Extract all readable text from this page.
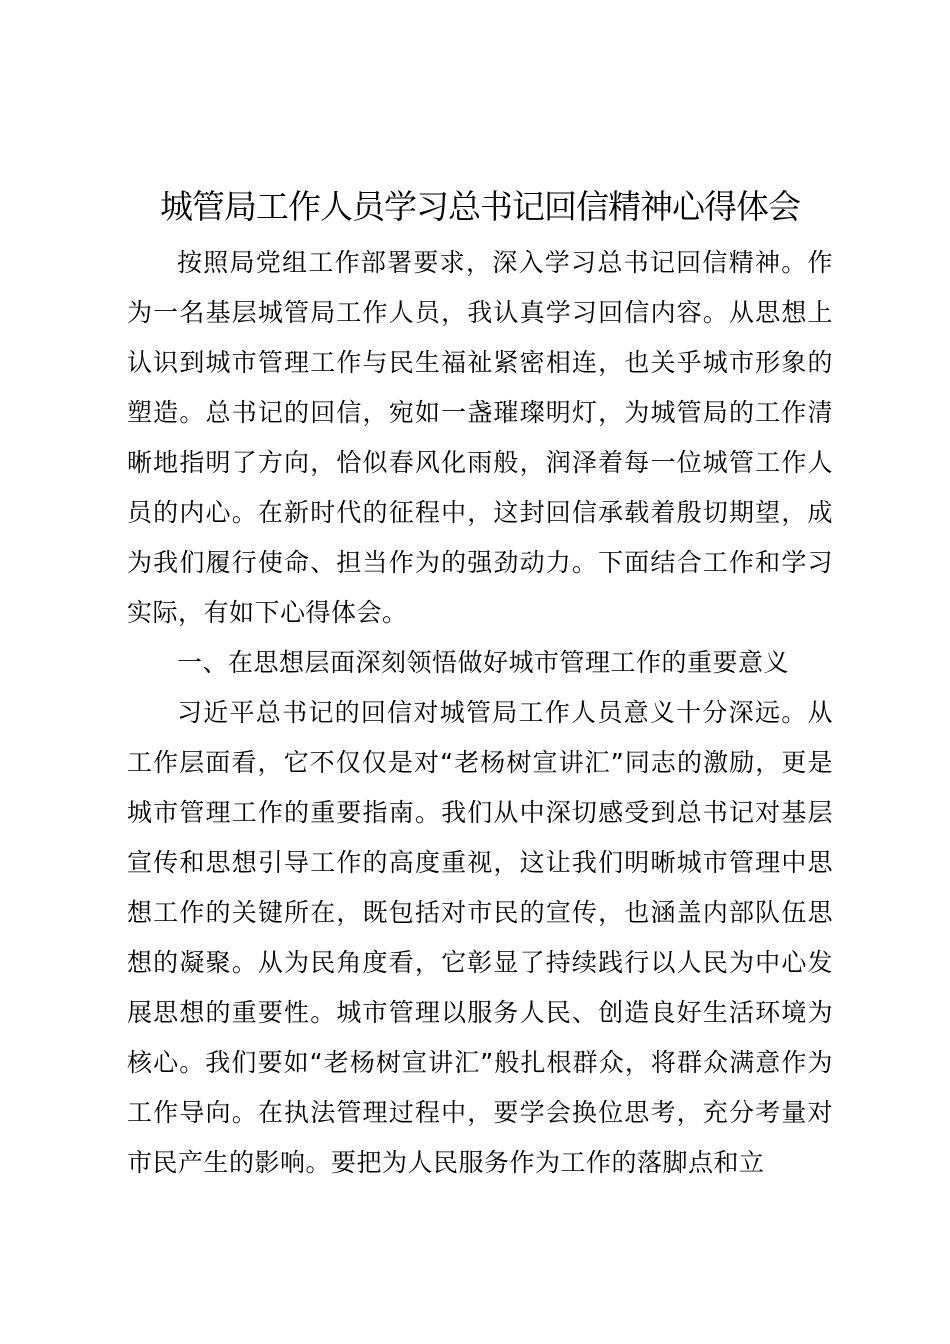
城管局工作人员学习总书记回信精神心得体会

按照局党组工作部署要求，深入学习总书记回信精神。作为一名基层城管局工作人员，我认真学习回信内容。从思想上认识到城市管理工作与民生福祉紧密相连，也关乎城市形象的塑造。总书记的回信，宛如一盏璀璨明灯，为城管局的工作清晰地指明了方向，恰似春风化雨般，润泽着每一位城管工作人员的内心。在新时代的征程中，这封回信承载着殷切期望，成为我们履行使命、担当作为的强劲动力。下面结合工作和学习实际，有如下心得体会。

一、在思想层面深刻领悟做好城市管理工作的重要意义

习近平总书记的回信对城管局工作人员意义十分深远。从工作层面看，它不仅仅是对“老杨树宣讲汇”同志的激励，更是城市管理工作的重要指南。我们从中深切感受到总书记对基层宣传和思想引导工作的高度重视，这让我们明晰城市管理中思想工作的关键所在，既包括对市民的宣传，也涵盖内部队伍思想的凝聚。从为民角度看，它彰显了持续践行以人民为中心发展思想的重要性。城市管理以服务人民、创造良好生活环境为核心。我们要如“老杨树宣讲汇”般扎根群众，将群众满意作为工作导向。在执法管理过程中，要学会换位思考，充分考量对市民产生的影响。要把为人民服务作为工作的落脚点和立
